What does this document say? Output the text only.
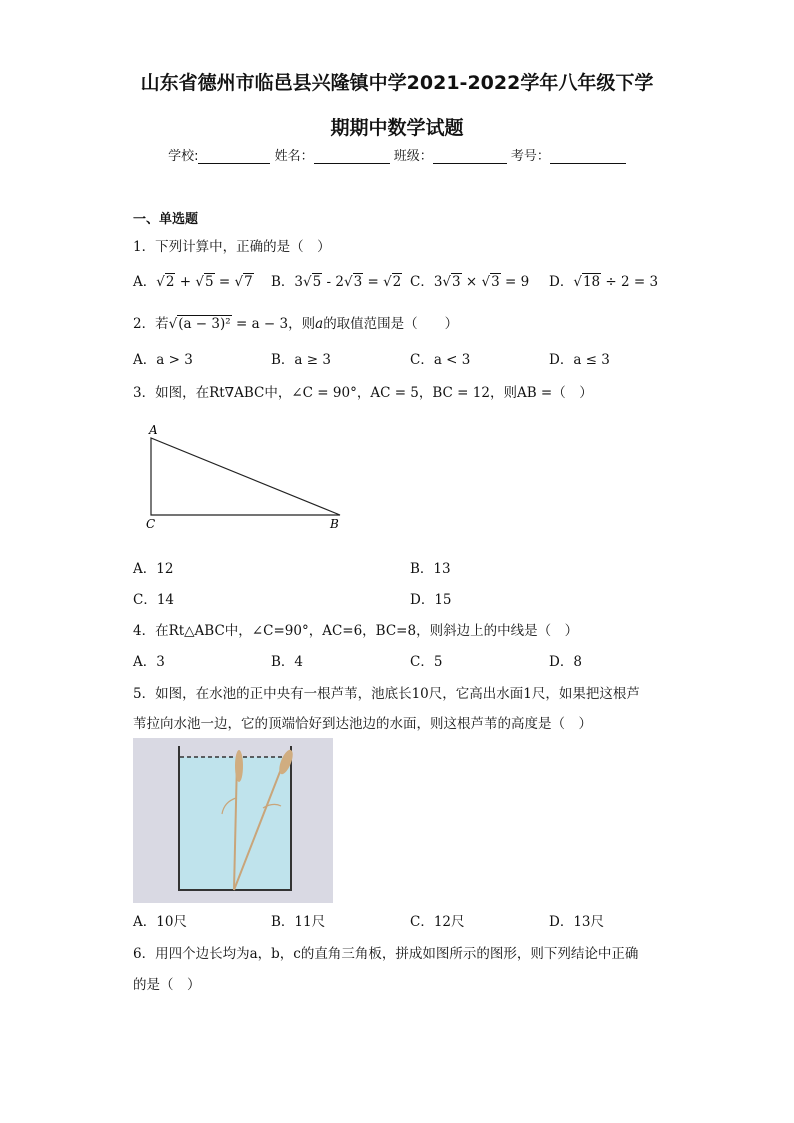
山东省德州市临邑县兴隆镇中学2021-2022学年八年级下学
期期中数学试题
学校:	姓名：	班级：	考号：
一、单选题
1．下列计算中，正确的是（　）
A．√2 + √5 = √7 B．3√5 - 2√3 = √2 C．3√3 × √3 = 9 D．√18 ÷ 2 = 3
2．若√(a − 3)² = a − 3，则a的取值范围是（　　）
A．a > 3	B．a ≥ 3	C．a < 3	D．a ≤ 3
3．如图，在Rt∇ABC中，∠C = 90°，AC = 5，BC = 12，则AB =（　）
A
C	B
A．12	B．13
C．14	D．15
4．在Rt△ABC中，∠C=90°，AC=6，BC=8，则斜边上的中线是（　）
A．3	B．4	C．5	D．8
5．如图，在水池的正中央有一根芦苇，池底长10尺，它高出水面1尺，如果把这根芦
苇拉向水池一边，它的顶端恰好到达池边的水面，则这根芦苇的高度是（　）
A．10尺	B．11尺	C．12尺	D．13尺
6．用四个边长均为a，b，c的直角三角板，拼成如图所示的图形，则下列结论中正确
的是（　）
